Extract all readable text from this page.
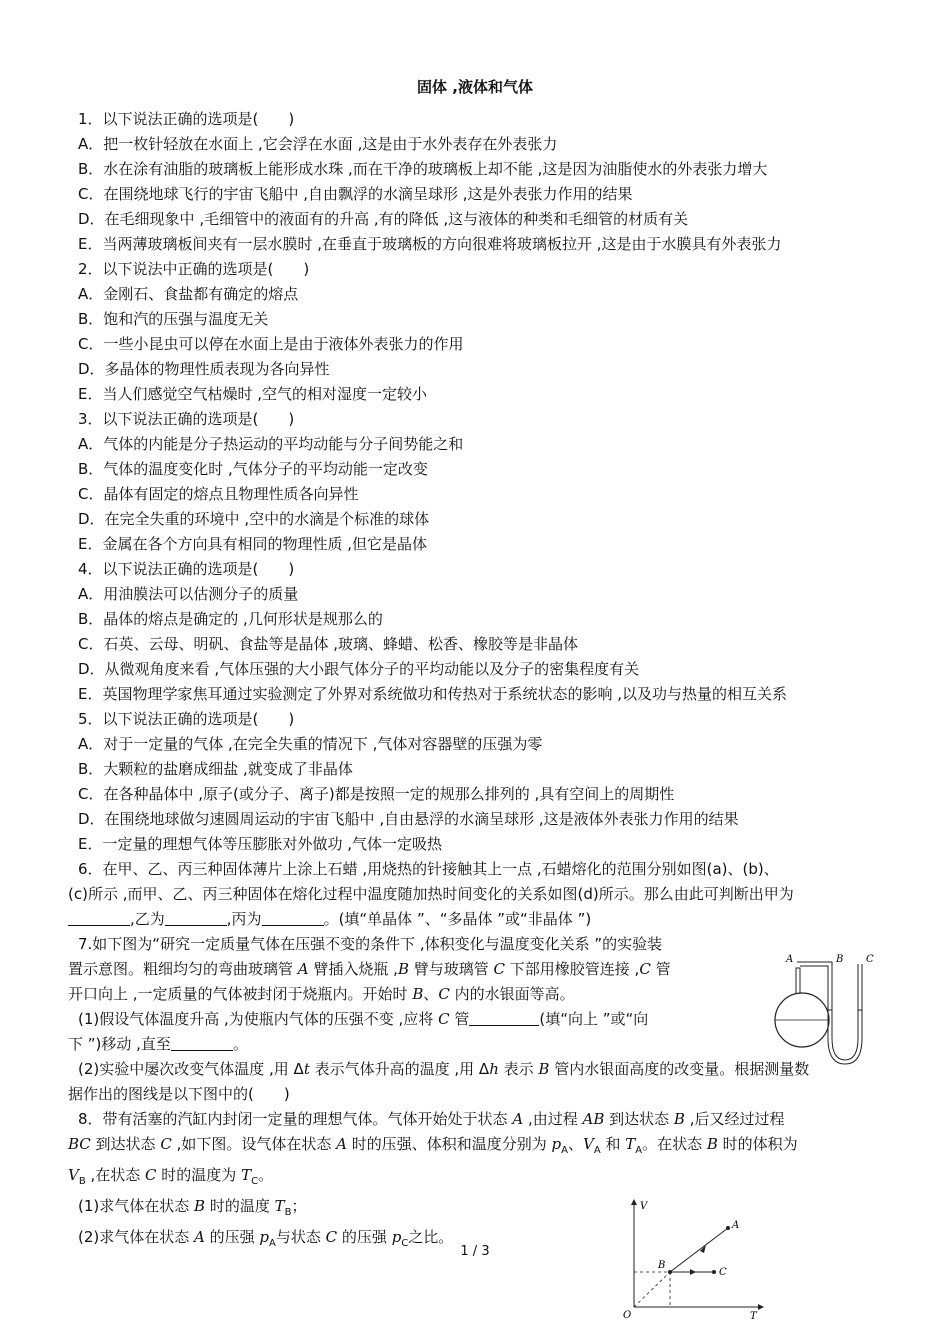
固体 ,液体和气体
1．以下说法正确的选项是(　　)
A．把一枚针轻放在水面上 ,它会浮在水面 ,这是由于水外表存在外表张力
B．水在涂有油脂的玻璃板上能形成水珠 ,而在干净的玻璃板上却不能 ,这是因为油脂使水的外表张力增大
C．在围绕地球飞行的宇宙飞船中 ,自由飘浮的水滴呈球形 ,这是外表张力作用的结果
D．在毛细现象中 ,毛细管中的液面有的升高 ,有的降低 ,这与液体的种类和毛细管的材质有关
E．当两薄玻璃板间夹有一层水膜时 ,在垂直于玻璃板的方向很难将玻璃板拉开 ,这是由于水膜具有外表张力
2．以下说法中正确的选项是(　　)
A．金刚石、食盐都有确定的熔点
B．饱和汽的压强与温度无关
C．一些小昆虫可以停在水面上是由于液体外表张力的作用
D．多晶体的物理性质表现为各向异性
E．当人们感觉空气枯燥时 ,空气的相对湿度一定较小
3．以下说法正确的选项是(　　)
A．气体的内能是分子热运动的平均动能与分子间势能之和
B．气体的温度变化时 ,气体分子的平均动能一定改变
C．晶体有固定的熔点且物理性质各向异性
D．在完全失重的环境中 ,空中的水滴是个标准的球体
E．金属在各个方向具有相同的物理性质 ,但它是晶体
4．以下说法正确的选项是(　　)
A．用油膜法可以估测分子的质量
B．晶体的熔点是确定的 ,几何形状是规那么的
C．石英、云母、明矾、食盐等是晶体 ,玻璃、蜂蜡、松香、橡胶等是非晶体
D．从微观角度来看 ,气体压强的大小跟气体分子的平均动能以及分子的密集程度有关
E．英国物理学家焦耳通过实验测定了外界对系统做功和传热对于系统状态的影响 ,以及功与热量的相互关系
5．以下说法正确的选项是(　　)
A．对于一定量的气体 ,在完全失重的情况下 ,气体对容器壁的压强为零
B．大颗粒的盐磨成细盐 ,就变成了非晶体
C．在各种晶体中 ,原子(或分子、离子)都是按照一定的规那么排列的 ,具有空间上的周期性
D．在围绕地球做匀速圆周运动的宇宙飞船中 ,自由悬浮的水滴呈球形 ,这是液体外表张力作用的结果
E．一定量的理想气体等压膨胀对外做功 ,气体一定吸热
6．在甲、乙、丙三种固体薄片上涂上石蜡 ,用烧热的针接触其上一点 ,石蜡熔化的范围分别如图(a)、(b)、
(c)所示 ,而甲、乙、丙三种固体在熔化过程中温度随加热时间变化的关系如图(d)所示。那么由此可判断出甲为
,乙为	,丙为	。(填“单晶体 ”、“多晶体 ”或“非晶体 ”)
7.如下图为“研究一定质量气体在压强不变的条件下 ,体积变化与温度变化关系 ”的实验装
置示意图。粗细均匀的弯曲玻璃管 A 臂插入烧瓶 ,B 臂与玻璃管 C 下部用橡胶管连接 ,C 管
开口向上 ,一定质量的气体被封闭于烧瓶内。开始时 B、C 内的水银面等高。
(1)假设气体温度升高 ,为使瓶内气体的压强不变 ,应将 C 管	(填“向上 ”或“向
下 ”)移动 ,直至	。
(2)实验中屡次改变气体温度 ,用 Δt 表示气体升高的温度 ,用 Δh 表示 B 管内水银面高度的改变量。根据测量数
据作出的图线是以下图中的(　　)
8．带有活塞的汽缸内封闭一定量的理想气体。气体开始处于状态 A ,由过程 AB 到达状态 B ,后又经过过程
BC 到达状态 C ,如下图。设气体在状态 A 时的压强、体积和温度分别为 $p_A$、$V_A$ 和 $T_A$。在状态 B 时的体积为
$V_B$ ,在状态 C 时的温度为 $T_C$。
(1)求气体在状态 B 时的温度 $T_B$；
(2)求气体在状态 A 的压强 $p_A$与状态 C 的压强 $p_C$之比。
A	B C
V
T
O
A
B
C
1 / 3
